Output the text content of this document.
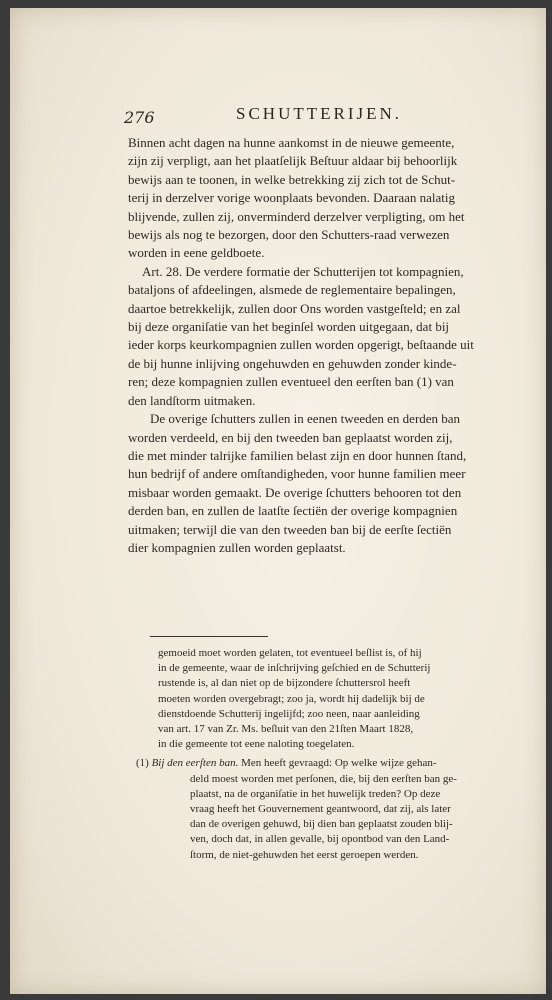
276	SCHUTTERIJEN.
Binnen acht dagen na hunne aankomst in de nieuwe gemeente,
zijn zij verpligt, aan het plaatſelijk Beſtuur aldaar bij behoorlijk
bewijs aan te toonen, in welke betrekking zij zich tot de Schut-
terij in derzelver vorige woonplaats bevonden. Daaraan nalatig
blijvende, zullen zij, onverminderd derzelver verpligting, om het
bewijs als nog te bezorgen, door den Schutters-raad verwezen
worden in eene geldboete.
Art. 28. De verdere formatie der Schutterijen tot kompagnien,
bataljons of afdeelingen, alsmede de reglementaire bepalingen,
daartoe betrekkelijk, zullen door Ons worden vastgeſteld; en zal
bij deze organiſatie van het beginſel worden uitgegaan, dat bij
ieder korps keurkompagnien zullen worden opgerigt, beſtaande uit
de bij hunne inlijving ongehuwden en gehuwden zonder kinde-
ren; deze kompagnien zullen eventueel den eerſten ban (1) van
den landſtorm uitmaken.
De overige ſchutters zullen in eenen tweeden en derden ban
worden verdeeld, en bij den tweeden ban geplaatst worden zij,
die met minder talrijke familien belast zijn en door hunnen ſtand,
hun bedrijf of andere omſtandigheden, voor hunne familien meer
misbaar worden gemaakt. De overige ſchutters behooren tot den
derden ban, en zullen de laatſte ſectiën der overige kompagnien
uitmaken; terwijl die van den tweeden ban bij de eerſte ſectiën
dier kompagnien zullen worden geplaatst.
gemoeid moet worden gelaten, tot eventueel beſlist is, of hij
in de gemeente, waar de inſchrijving geſchied en de Schutterij
rustende is, al dan niet op de bijzondere ſchuttersrol heeft
moeten worden overgebragt; zoo ja, wordt hij dadelijk bij de
dienstdoende Schutterij ingelijfd; zoo neen, naar aanleiding
van art. 17 van Zr. Ms. beſluit van den 21ſten Maart 1828,
in die gemeente tot eene naloting toegelaten.
(1) Bij den eerſten ban. Men heeft gevraagd: Op welke wijze gehan-
deld moest worden met perſonen, die, bij den eerſten ban ge-
plaatst, na de organiſatie in het huwelijk treden? Op deze
vraag heeft het Gouvernement geantwoord, dat zij, als later
dan de overigen gehuwd, bij dien ban geplaatst zouden blij-
ven, doch dat, in allen gevalle, bij opontbod van den Land-
ſtorm, de niet-gehuwden het eerst geroepen werden.
